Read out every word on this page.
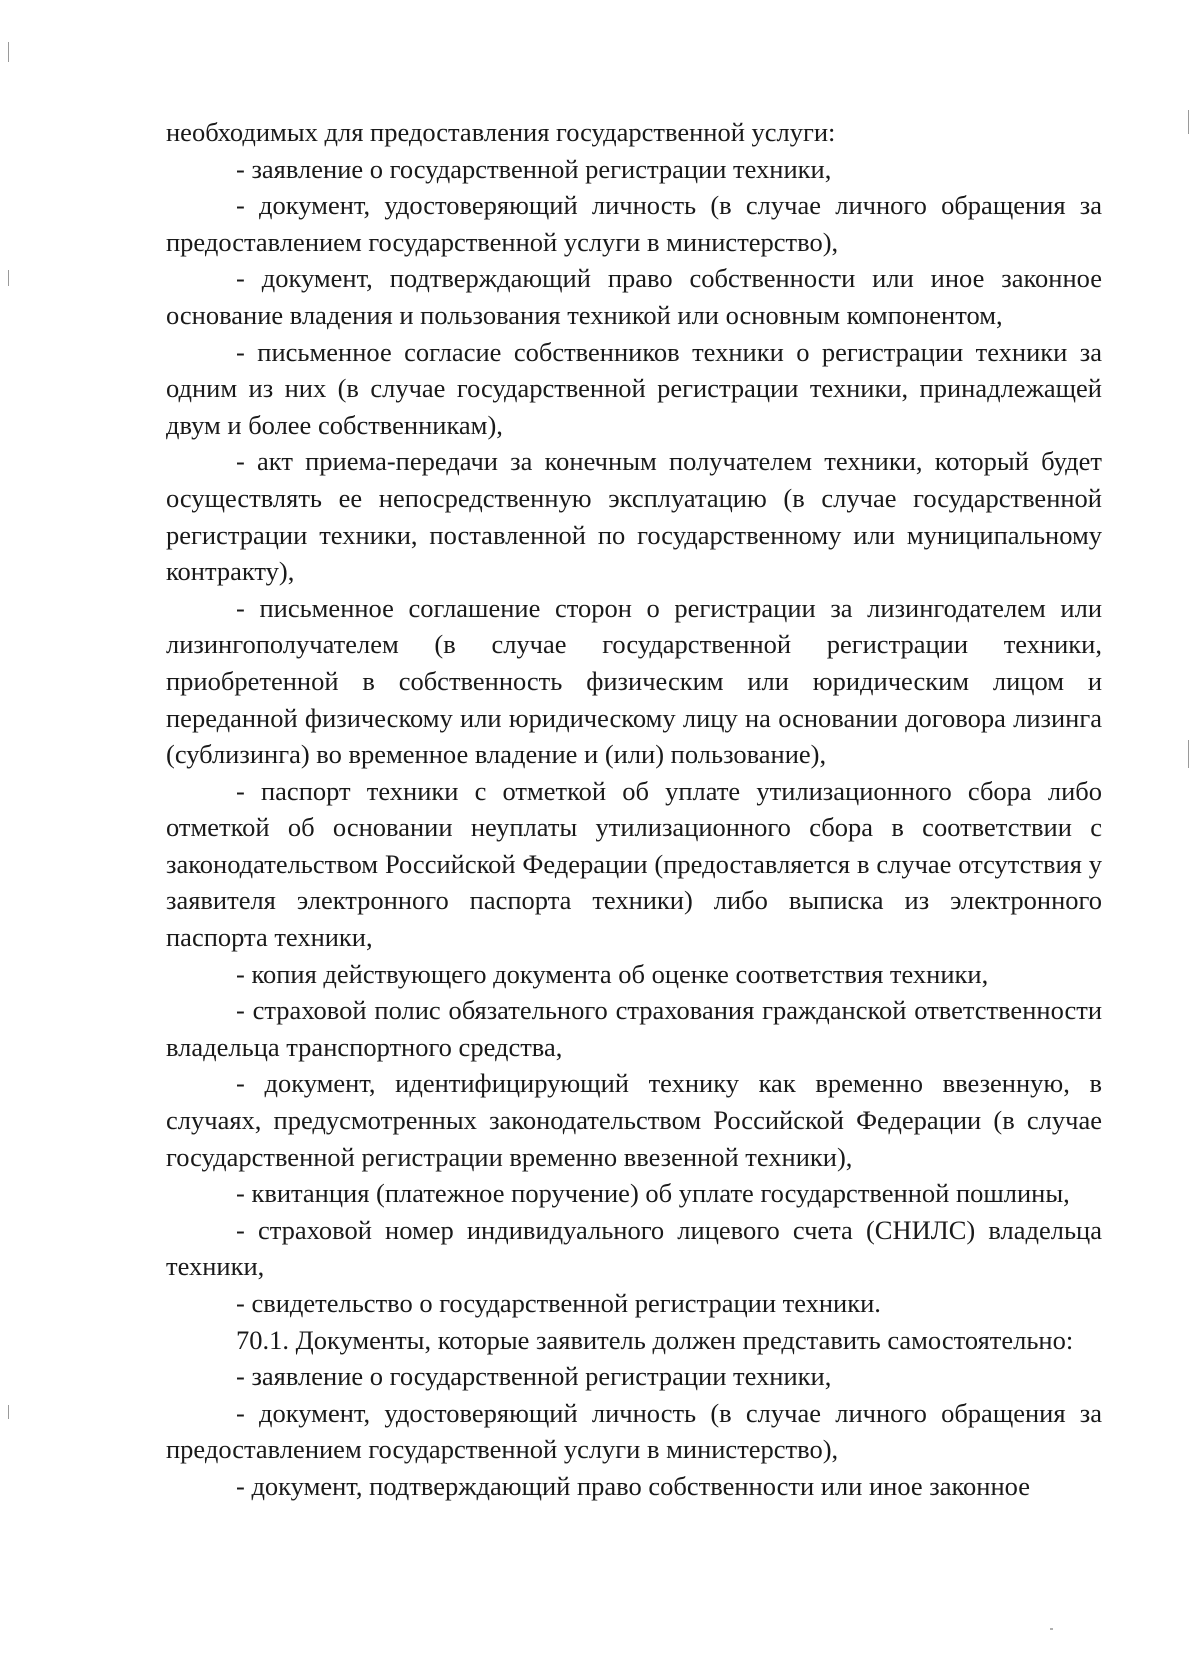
необходимых для предоставления государственной услуги:

- заявление о государственной регистрации техники,

- документ, удостоверяющий личность (в случае личного обращения за предоставлением государственной услуги в министерство),

- документ, подтверждающий право собственности или иное законное основание владения и пользования техникой или основным компонентом,

- письменное согласие собственников техники о регистрации техники за одним из них (в случае государственной регистрации техники, принадлежащей двум и более собственникам),

- акт приема-передачи за конечным получателем техники, который будет осуществлять ее непосредственную эксплуатацию (в случае государственной регистрации техники, поставленной по государственному или муниципальному контракту),

- письменное соглашение сторон о регистрации за лизингодателем или лизингополучателем (в случае государственной регистрации техники, приобретенной в собственность физическим или юридическим лицом и переданной физическому или юридическому лицу на основании договора лизинга (сублизинга) во временное владение и (или) пользование),

- паспорт техники с отметкой об уплате утилизационного сбора либо отметкой об основании неуплаты утилизационного сбора в соответствии с законодательством Российской Федерации (предоставляется в случае отсутствия у заявителя электронного паспорта техники) либо выписка из электронного паспорта техники,

- копия действующего документа об оценке соответствия техники,

- страховой полис обязательного страхования гражданской ответственности владельца транспортного средства,

- документ, идентифицирующий технику как временно ввезенную, в случаях, предусмотренных законодательством Российской Федерации (в случае государственной регистрации временно ввезенной техники),

- квитанция (платежное поручение) об уплате государственной пошлины,

- страховой номер индивидуального лицевого счета (СНИЛС) владельца техники,

- свидетельство о государственной регистрации техники.

70.1. Документы, которые заявитель должен представить самостоятельно:

- заявление о государственной регистрации техники,

- документ, удостоверяющий личность (в случае личного обращения за предоставлением государственной услуги в министерство),

- документ, подтверждающий право собственности или иное законное
